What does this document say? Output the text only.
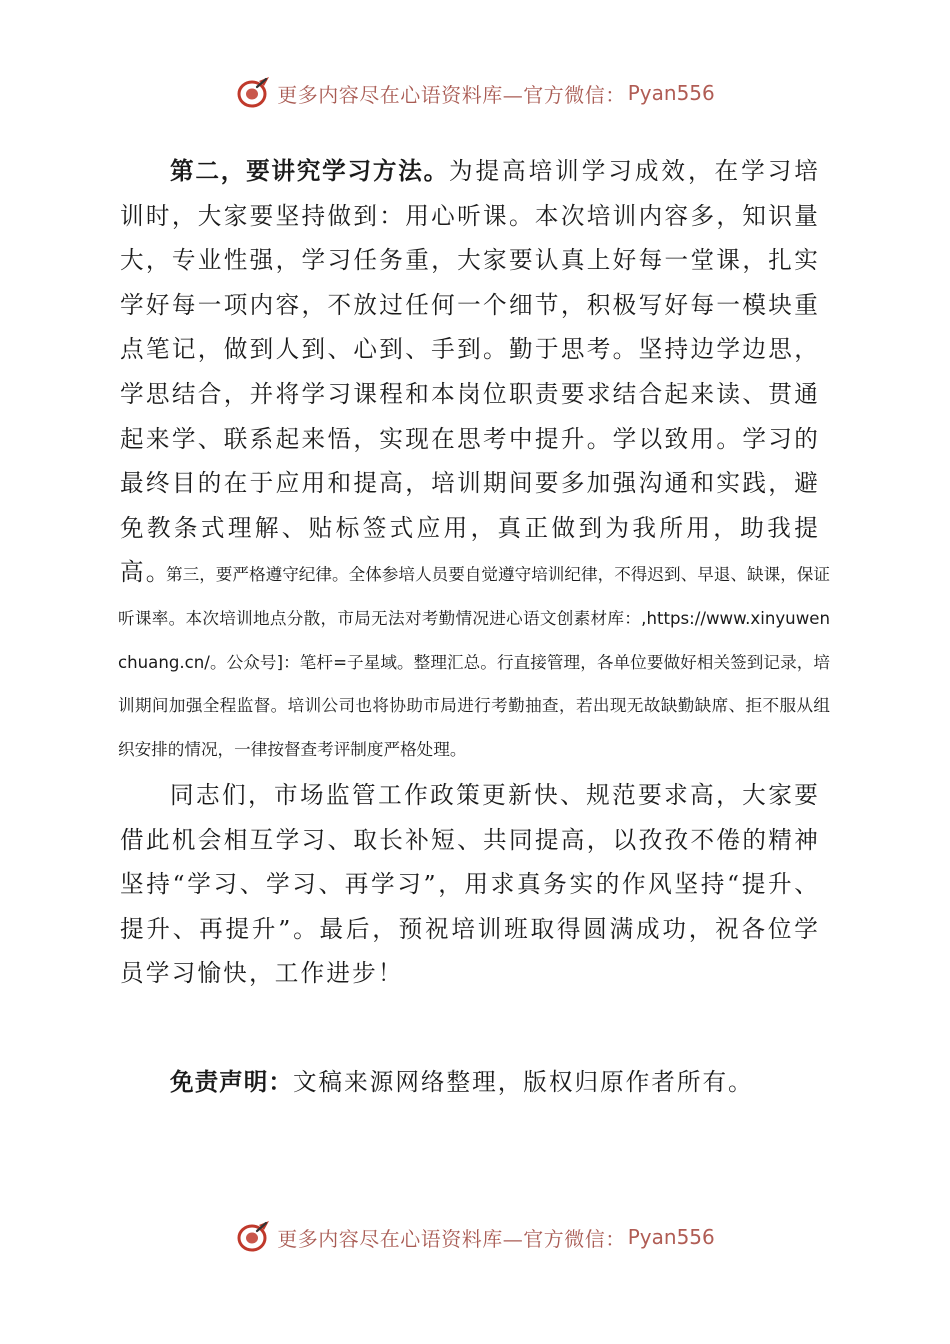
更多内容尽在心语资料库—官方微信： Pyan556

第二，要讲究学习方法。为提高培训学习成效，在学习培训时，大家要坚持做到：用心听课。本次培训内容多，知识量大，专业性强，学习任务重，大家要认真上好每一堂课，扎实学好每一项内容，不放过任何一个细节，积极写好每一模块重点笔记，做到人到、心到、手到。勤于思考。坚持边学边思，学思结合，并将学习课程和本岗位职责要求结合起来读、贯通起来学、联系起来悟，实现在思考中提升。学以致用。学习的最终目的在于应用和提高，培训期间要多加强沟通和实践，避免教条式理解、贴标签式应用，真正做到为我所用，助我提高。

第三，要严格遵守纪律。全体参培人员要自觉遵守培训纪律，不得迟到、早退、缺课，保证听课率。本次培训地点分散，市局无法对考勤情况进心语文创素材库：,https://www.xinyuwenchuang.cn/。公众号]：笔杆=子星域。整理汇总。行直接管理，各单位要做好相关签到记录，培训期间加强全程监督。培训公司也将协助市局进行考勤抽查，若出现无故缺勤缺席、拒不服从组织安排的情况，一律按督查考评制度严格处理。

同志们，市场监管工作政策更新快、规范要求高，大家要借此机会相互学习、取长补短、共同提高，以孜孜不倦的精神坚持“学习、学习、再学习”，用求真务实的作风坚持“提升、提升、再提升”。最后，预祝培训班取得圆满成功，祝各位学员学习愉快，工作进步！

免责声明：文稿来源网络整理，版权归原作者所有。

更多内容尽在心语资料库—官方微信： Pyan556
